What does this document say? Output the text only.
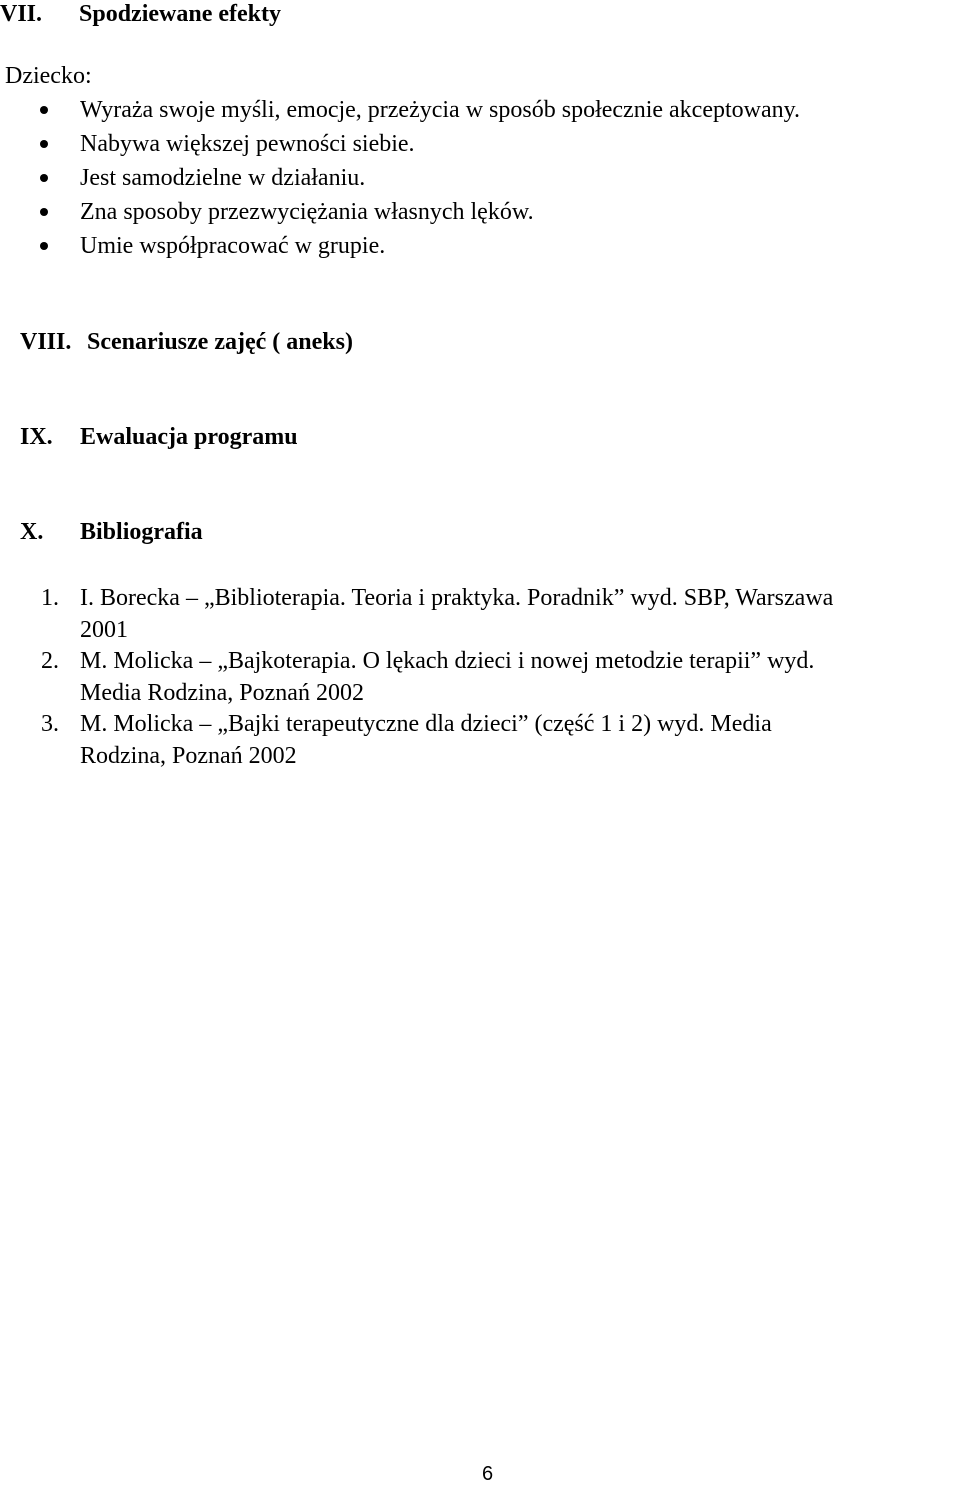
VII. Spodziewane efekty
Dziecko:
Wyraża swoje myśli, emocje, przeżycia w sposób społecznie akceptowany.
Nabywa większej pewności siebie.
Jest samodzielne w działaniu.
Zna sposoby przezwyciężania własnych lęków.
Umie współpracować w grupie.
VIII. Scenariusze zajęć ( aneks)
IX. Ewaluacja programu
X. Bibliografia
1. I. Borecka – „Biblioterapia. Teoria i praktyka. Poradnik” wyd. SBP, Warszawa
2001
2. M. Molicka – „Bajkoterapia. O lękach dzieci i nowej metodzie terapii” wyd.
Media Rodzina, Poznań 2002
3. M. Molicka – „Bajki terapeutyczne dla dzieci” (część 1 i 2) wyd. Media
Rodzina, Poznań 2002
6
